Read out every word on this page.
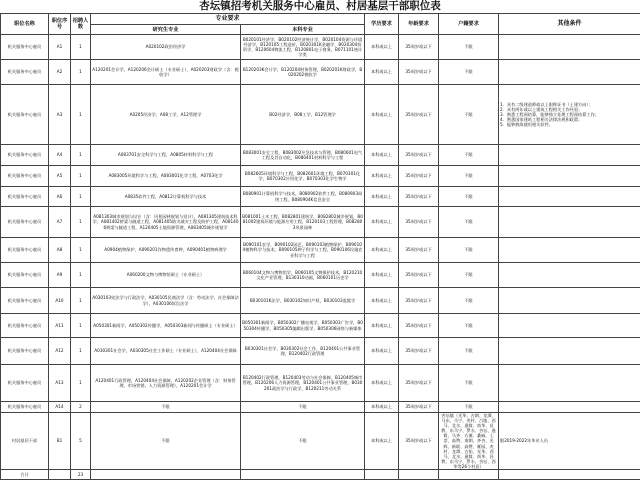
杏坛镇招考机关服务中心雇员、村居基层干部职位表
职位名称	职位序号	招聘人数	专业要求		学历要求	年龄要求	户籍要求	其他条件
			研究生专业	本科专业				
机关服务中心雇员	A1	1	A020102政治经济学	B020101经济学，B020102经济统计学，B020104资源与环境经济学，B120105工程造价，B020301K金融学，B020304投资学，B120604物流工程，B120801电子商务，B071101统计学类	本科或以上	35周岁或以下	不限	
机关服务中心雇员	A2	1	A120201会计学，A120206会计硕士（专业硕士），A020203财政学（含：税收学）	B120203K会计学，B120204财务管理，B020201K财政学，B020202税收学	本科或以上	35周岁或以下	不限	
机关服务中心雇员	A3	1	A0205经济学，A08工学，A12管理学	B02经济学，B08工学，B12管理学	本科或以上	35周岁或以下	不限	1．具有二级建造师或以上职称证书（土建方向）；
2．具有两年或以上建筑工程相关工作经验；
3．熟悉工程预结算，能够独立处理工程预结算工作；
4．熟悉国家建筑工程相关法律法规和政策；
5．能够熟练使用相关软件。
机关服务中心雇员	A4	1	A083701安全科学与工程，A0805材料科学与工程	B083001安全工程，B083002应急技术与管理，B080601电气工程及其自动化，B080401材料科学与工程	本科或以上	35周岁或以下	不限	
机关服务中心雇员	A5	1	A083005环境科学与工程，A083001化学工程，A0703化学	B082605环境科学与工程，B082601环境工程，B070301化学，B070302应用化学，B070303化学生物学	本科或以上	35周岁或以下	不限	
机关服务中心雇员	A6	1	A0835软件工程，A0812计算机科学与技术	B080901计算机科学与技术，B080902软件工程，B080903网络工程，B080904K信息安全	本科或以上	35周岁或以下	不限	
机关服务中心雇员	A7	1	A081303城市规划与设计（含：风景园林规划与设计），A081305建筑技术科学，A081402桥梁与隧道工程，A081405防灾减灾工程及防护工程，A081406桥梁与隧道工程，A120405土地资源管理，A083405城乡规划学	B081001土木工程，B082801建筑学，B082802城乡规划，B081002建筑环境与能源应用工程，B120103工程管理，B082803风景园林	本科或以上	35周岁或以下	不限	
机关服务中心雇员	A8	1	A0904植物保护，A090201作物遗传育种，A090401植物病理学	B090101农学，B090102园艺，B090103植物保护，B090104植物科学与技术，B090105种子科学与工程，B090106设施农业科学与工程	本科或以上	35周岁或以下	不限	
机关服务中心雇员	A9	1	A060200文物与博物馆硕士（专业硕士）	B060104文物与博物馆学，B060105文物保护技术，B120210文化产业管理，B130310动画，B060101历史学	本科或以上	35周岁或以下	不限	
机关服务中心雇员	A10	1	A030103宪法学与行政法学，A030105民商法学（含：劳动法学、社会保障法学），A030106诉讼法学	B030101K法学，B030102知识产权，B030103监狱学	本科或以上	35周岁或以下	不限	
机关服务中心雇员	A11	1	A050301新闻学，A050302传播学，A050303新闻与传播硕士（专业硕士）	B050301新闻学，B050302广播电视学，B050303广告学，B050304传播学，B050305编辑出版学，B050306网络与新媒体	本科或以上	35周岁或以下	不限	
机关服务中心雇员	A12	1	A030301社会学，A030305社会工作硕士（专业硕士），A120404社会保障	B030301社会学，B030302社会工作，B120401公共事业管理，B120402行政管理	本科或以上	35周岁或以下	不限	
机关服务中心雇员	A13	1	A120401行政管理，A120404社会保障，A120202企业管理（含：财务管理、市场营销、人力资源管理），A120201会计学	B120402行政管理，B120403劳动与社会保障，B120405城市管理，B120206人力资源管理，B120401公共事业管理，B030201政治学与行政学，B120211劳动关系	本科或以上	35周岁或以下	不限	
机关服务中心雇员	A14	2	不限	不限	本科或以上	35周岁或以下	不限	
村居基层干部	B1	5	不限	不限	本科或以上	35周岁或以下	杏坛镇（光华、古朗、龙潭、马东、马宁、麦村、吕地、西马、北水、逢简、南华、昌教、东马宁、罗水、杏坛、逢简、马齐、右滩、桑麻、七滘、高赞、南朗、齐杏、光辉、新联、高赞、雁园、麦村、龙潭、吉佑、光华、西马、北水、逢简、南华、昌教、东马宁、罗水、杏坛、西华等26个村居）	限2019-2022年毕业人员
合计		23						
